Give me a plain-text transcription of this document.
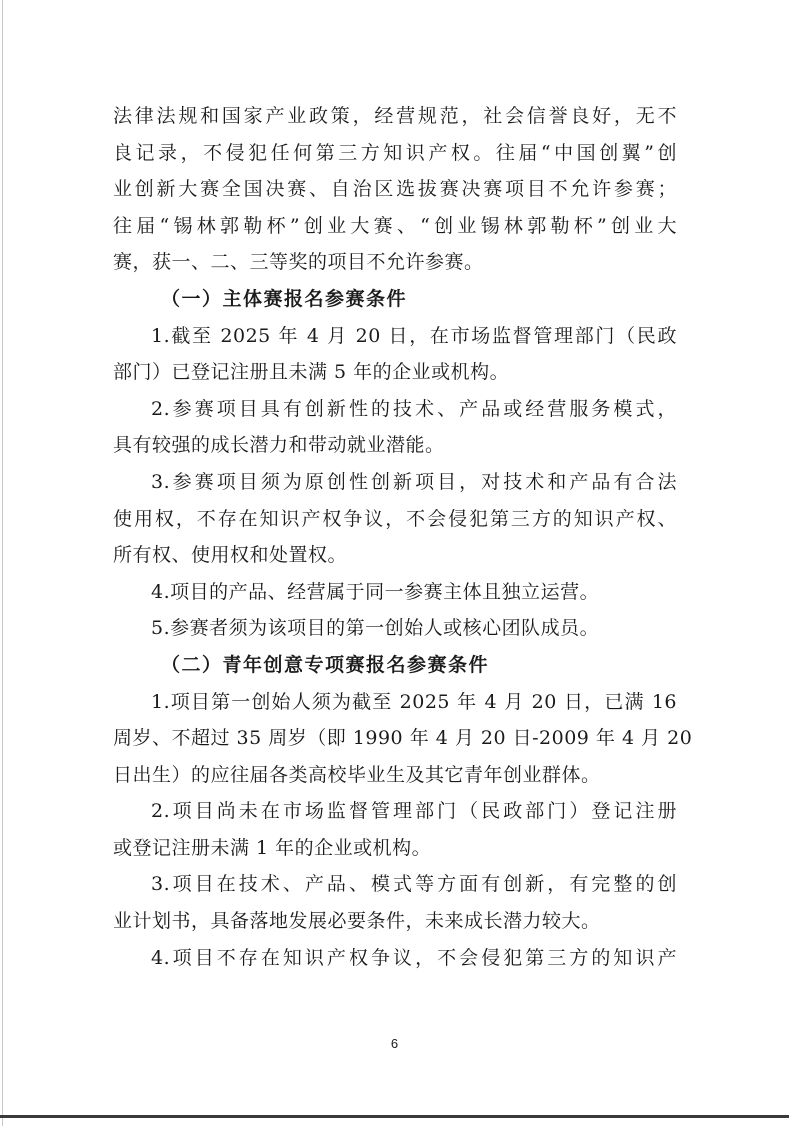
法律法规和国家产业政策，经营规范，社会信誉良好，无不
良记录，不侵犯任何第三方知识产权。往届“中国创翼”创
业创新大赛全国决赛、自治区选拔赛决赛项目不允许参赛；
往届“锡林郭勒杯”创业大赛、“创业锡林郭勒杯”创业大
赛，获一、二、三等奖的项目不允许参赛。
（一）主体赛报名参赛条件
1.截至 2025 年 4 月 20 日，在市场监督管理部门（民政
部门）已登记注册且未满 5 年的企业或机构。
2.参赛项目具有创新性的技术、产品或经营服务模式，
具有较强的成长潜力和带动就业潜能。
3.参赛项目须为原创性创新项目，对技术和产品有合法
使用权，不存在知识产权争议，不会侵犯第三方的知识产权、
所有权、使用权和处置权。
4.项目的产品、经营属于同一参赛主体且独立运营。
5.参赛者须为该项目的第一创始人或核心团队成员。
（二）青年创意专项赛报名参赛条件
1.项目第一创始人须为截至 2025 年 4 月 20 日，已满 16
周岁、不超过 35 周岁（即 1990 年 4 月 20 日-2009 年 4 月 20
日出生）的应往届各类高校毕业生及其它青年创业群体。
2.项目尚未在市场监督管理部门（民政部门）登记注册
或登记注册未满 1 年的企业或机构。
3.项目在技术、产品、模式等方面有创新，有完整的创
业计划书，具备落地发展必要条件，未来成长潜力较大。
4.项目不存在知识产权争议，不会侵犯第三方的知识产
6
